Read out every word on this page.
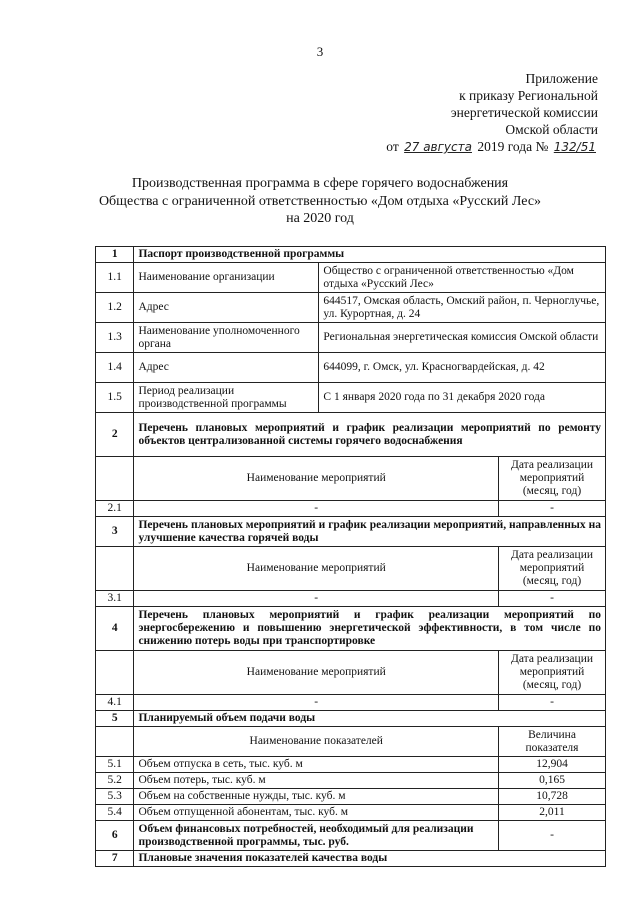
3
Приложение
к приказу Региональной
энергетической комиссии
Омской области
от 27 августа 2019 года № 132/51
Производственная программа в сфере горячего водоснабжения
Общества с ограниченной ответственностью «Дом отдыха «Русский Лес»
на 2020 год
1	Паспорт производственной программы		
1.1	Наименование организации	Общество с ограниченной ответственностью «Дом отдыха «Русский Лес»	
1.2	Адрес	644517, Омская область, Омский район, п. Черноглучье, ул. Курортная, д. 24	
1.3	Наименование уполномоченного органа	Региональная энергетическая комиссия Омской области	
1.4	Адрес	644099, г. Омск, ул. Красногвардейская, д. 42	
1.5	Период реализации производственной программы	С 1 января 2020 года по 31 декабря 2020 года	
2	Перечень плановых мероприятий и график реализации мероприятий по ремонту объектов централизованной системы горячего водоснабжения		
	Наименование мероприятий		Дата реализации мероприятий (месяц, год)
2.1	-		-
3	Перечень плановых мероприятий и график реализации мероприятий, направленных на улучшение качества горячей воды		
	Наименование мероприятий		Дата реализации мероприятий (месяц, год)
3.1	-		-
4	Перечень плановых мероприятий и график реализации мероприятий по энергосбережению и повышению энергетической эффективности, в том числе по снижению потерь воды при транспортировке		
	Наименование мероприятий		Дата реализации мероприятий (месяц, год)
4.1	-		-
5	Планируемый объем подачи воды		
	Наименование показателей		Величина показателя
5.1	Объем отпуска в сеть, тыс. куб. м		12,904
5.2	Объем потерь, тыс. куб. м		0,165
5.3	Объем на собственные нужды, тыс. куб. м		10,728
5.4	Объем отпущенной абонентам, тыс. куб. м		2,011
6	Объем финансовых потребностей, необходимый для реализации производственной программы, тыс. руб.		-
7	Плановые значения показателей качества воды		
